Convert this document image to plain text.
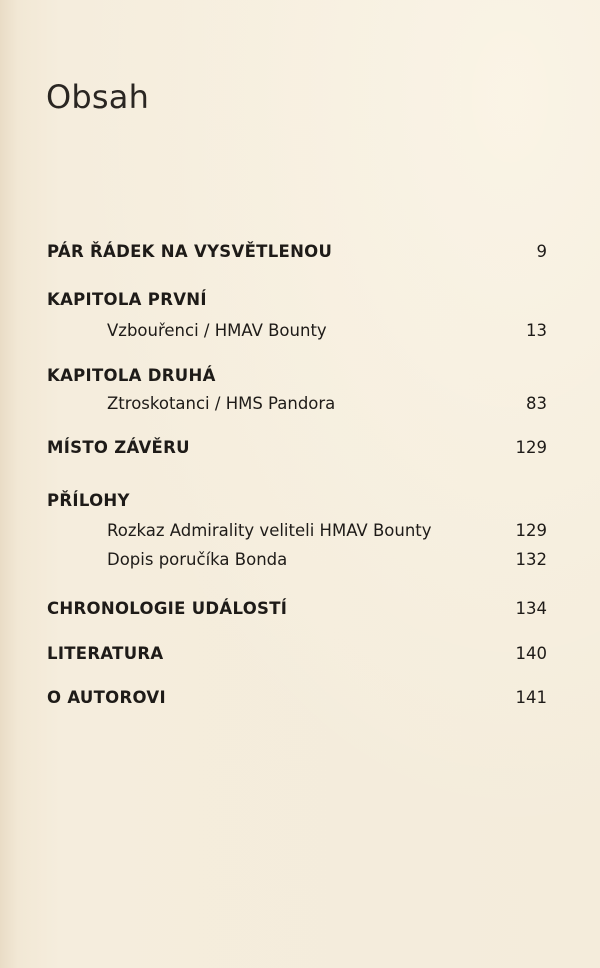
Obsah
PÁR ŘÁDEK NA VYSVĚTLENOU	9
KAPITOLA PRVNÍ
Vzbouřenci / HMAV Bounty	13
KAPITOLA DRUHÁ
Ztroskotanci / HMS Pandora	83
MÍSTO ZÁVĚRU	129
PŘÍLOHY
Rozkaz Admirality veliteli HMAV Bounty	129
Dopis poručíka Bonda	132
CHRONOLOGIE UDÁLOSTÍ	134
LITERATURA	140
O AUTOROVI	141
